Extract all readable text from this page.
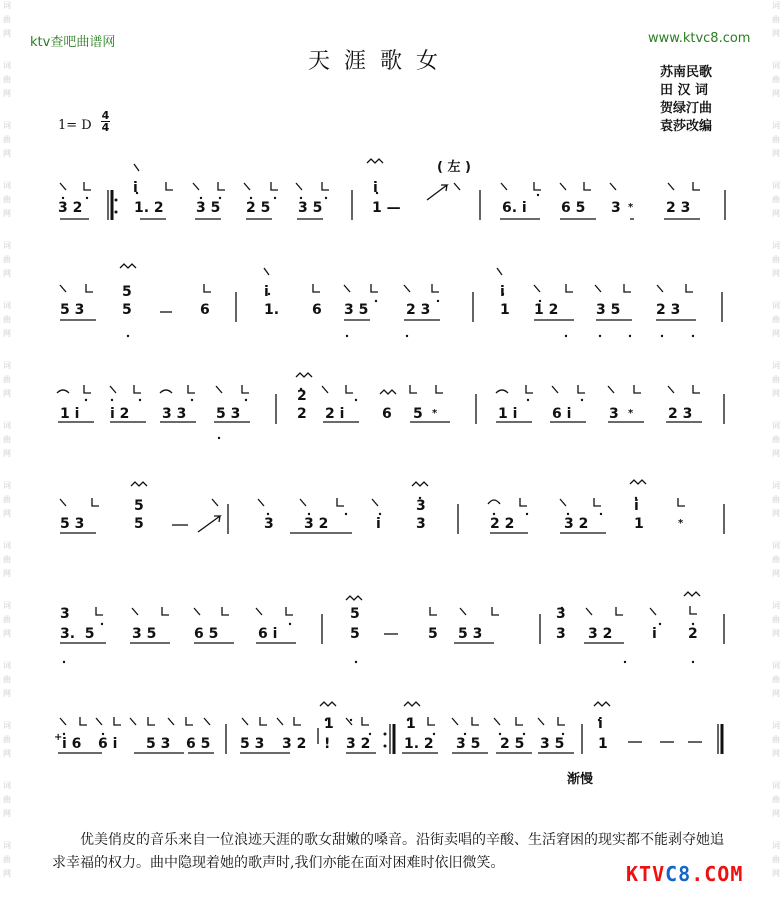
词
曲
网
词
曲
网
词
曲
网
词
曲
网
词
曲
网
词
曲
网
词
曲
网
词
曲
网
词
曲
网
词
曲
网
词
曲
网
词
曲
网
词
曲
网
词
曲
网
词
曲
网
词
曲
网
词
曲
网
词
曲
网
词
曲
网
词
曲
网
词
曲
网
词
曲
网
词
曲
网
词
曲
网
词
曲
网
词
曲
网
词
曲
网
词
曲
网
词
曲
网
词
曲
网
ktv查吧曲谱网	www.ktvc8.com
天涯歌女	苏南民歌
田 汉 词
贺绿汀曲
袁莎改编
1= D
4
4
( 左 )
3 2	1. 2 3 5 2 5 3 5	1 —	6. i 6 5 3 * 2 3
i	i
5 3
5
5	6	1. 6 3 5	2 3	1 1 2	3 5	2 3
i	i
1 i i 2 3 3 5 3
2
2 2 i	6 5 *	1 i 6 i	3 * 2 3
5 3
5
5	3 3 2	i
3
3	2 2	3 2
i
1	*
3
3.  5	3 5	6 5	6 i
5
5	5 5 3
3
3 3 2	i 2
+ i 6 6 i 5 3 6 5 5 3 3 2
1
! 3 2
1
1. 2 3 5 2 5 3 5
i
1
渐慢

优美俏皮的音乐来自一位浪迹天涯的歌女甜嫩的嗓音。沿街卖唱的辛酸、生活窘困的现实都不能剥夺她追求幸福的权力。曲中隐现着她的歌声时,我们亦能在面对困难时依旧微笑。	KTVC8.COM
